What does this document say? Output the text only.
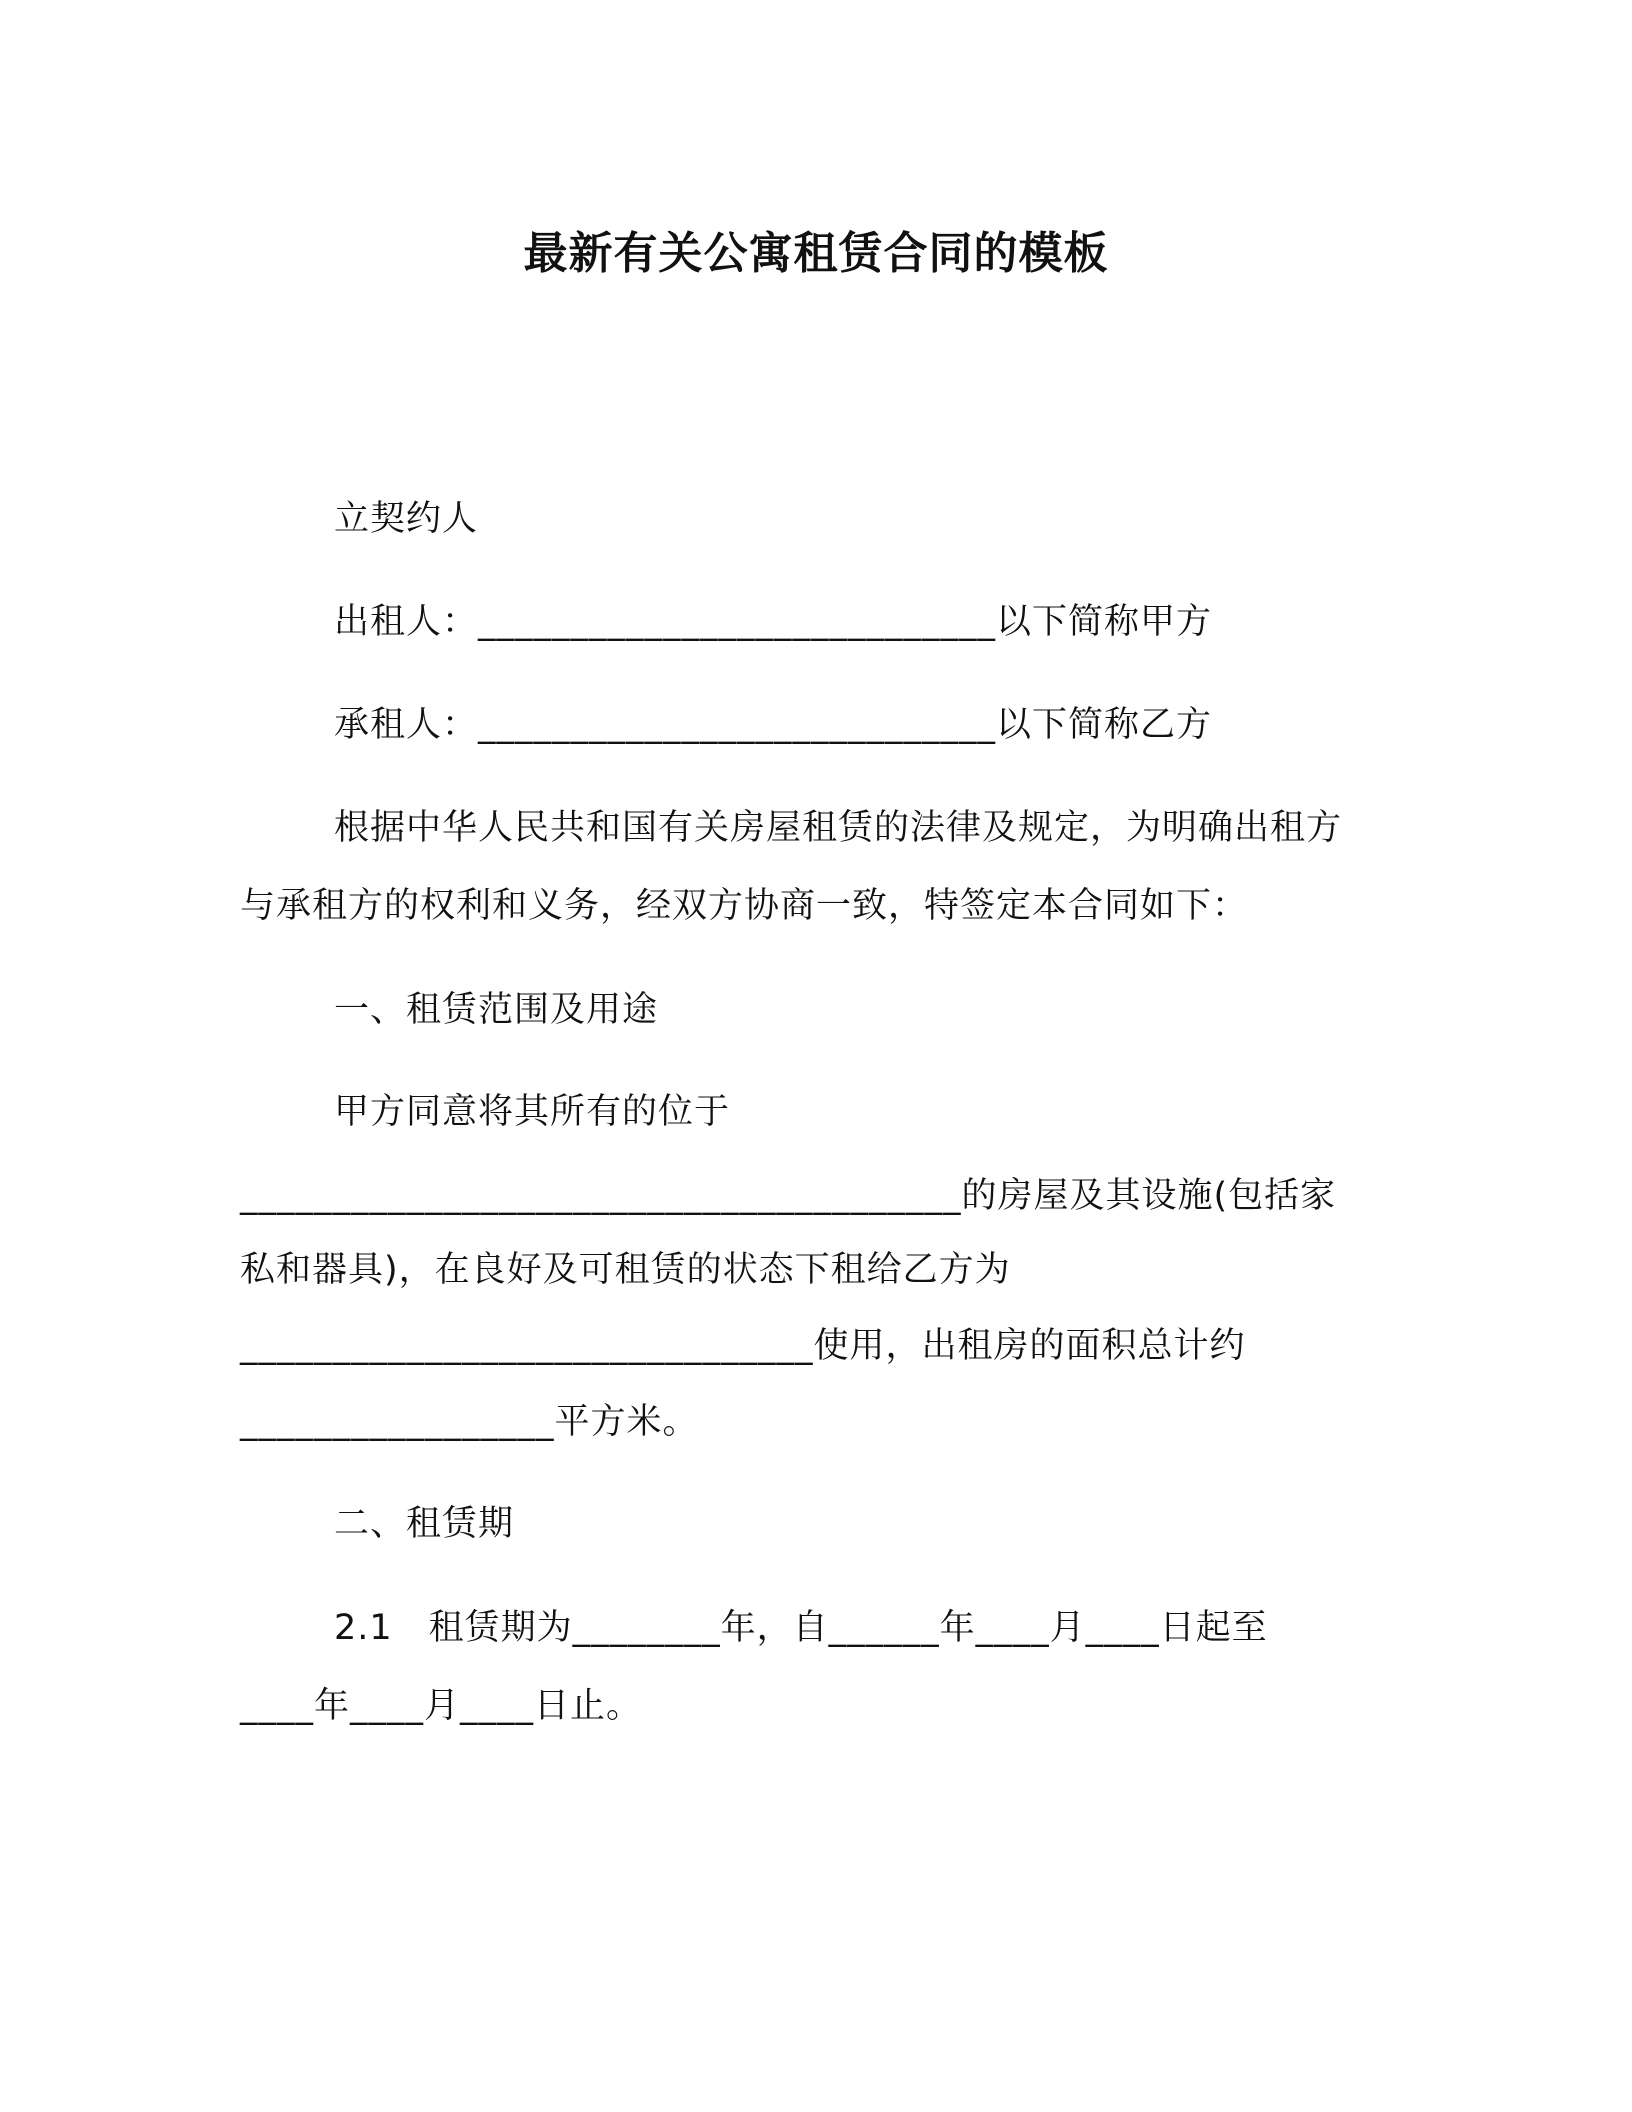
最新有关公寓租赁合同的模板
立契约人
出租人：____________________________以下简称甲方
承租人：____________________________以下简称乙方
根据中华人民共和国有关房屋租赁的法律及规定，为明确出租方
与承租方的权利和义务，经双方协商一致，特签定本合同如下：
一、租赁范围及用途
甲方同意将其所有的位于
_______________________________________的房屋及其设施(包括家
私和器具)，在良好及可租赁的状态下租给乙方为
_______________________________使用，出租房的面积总计约
_________________平方米。
二、租赁期
2.1　租赁期为________年，自______年____月____日起至
____年____月____日止。
